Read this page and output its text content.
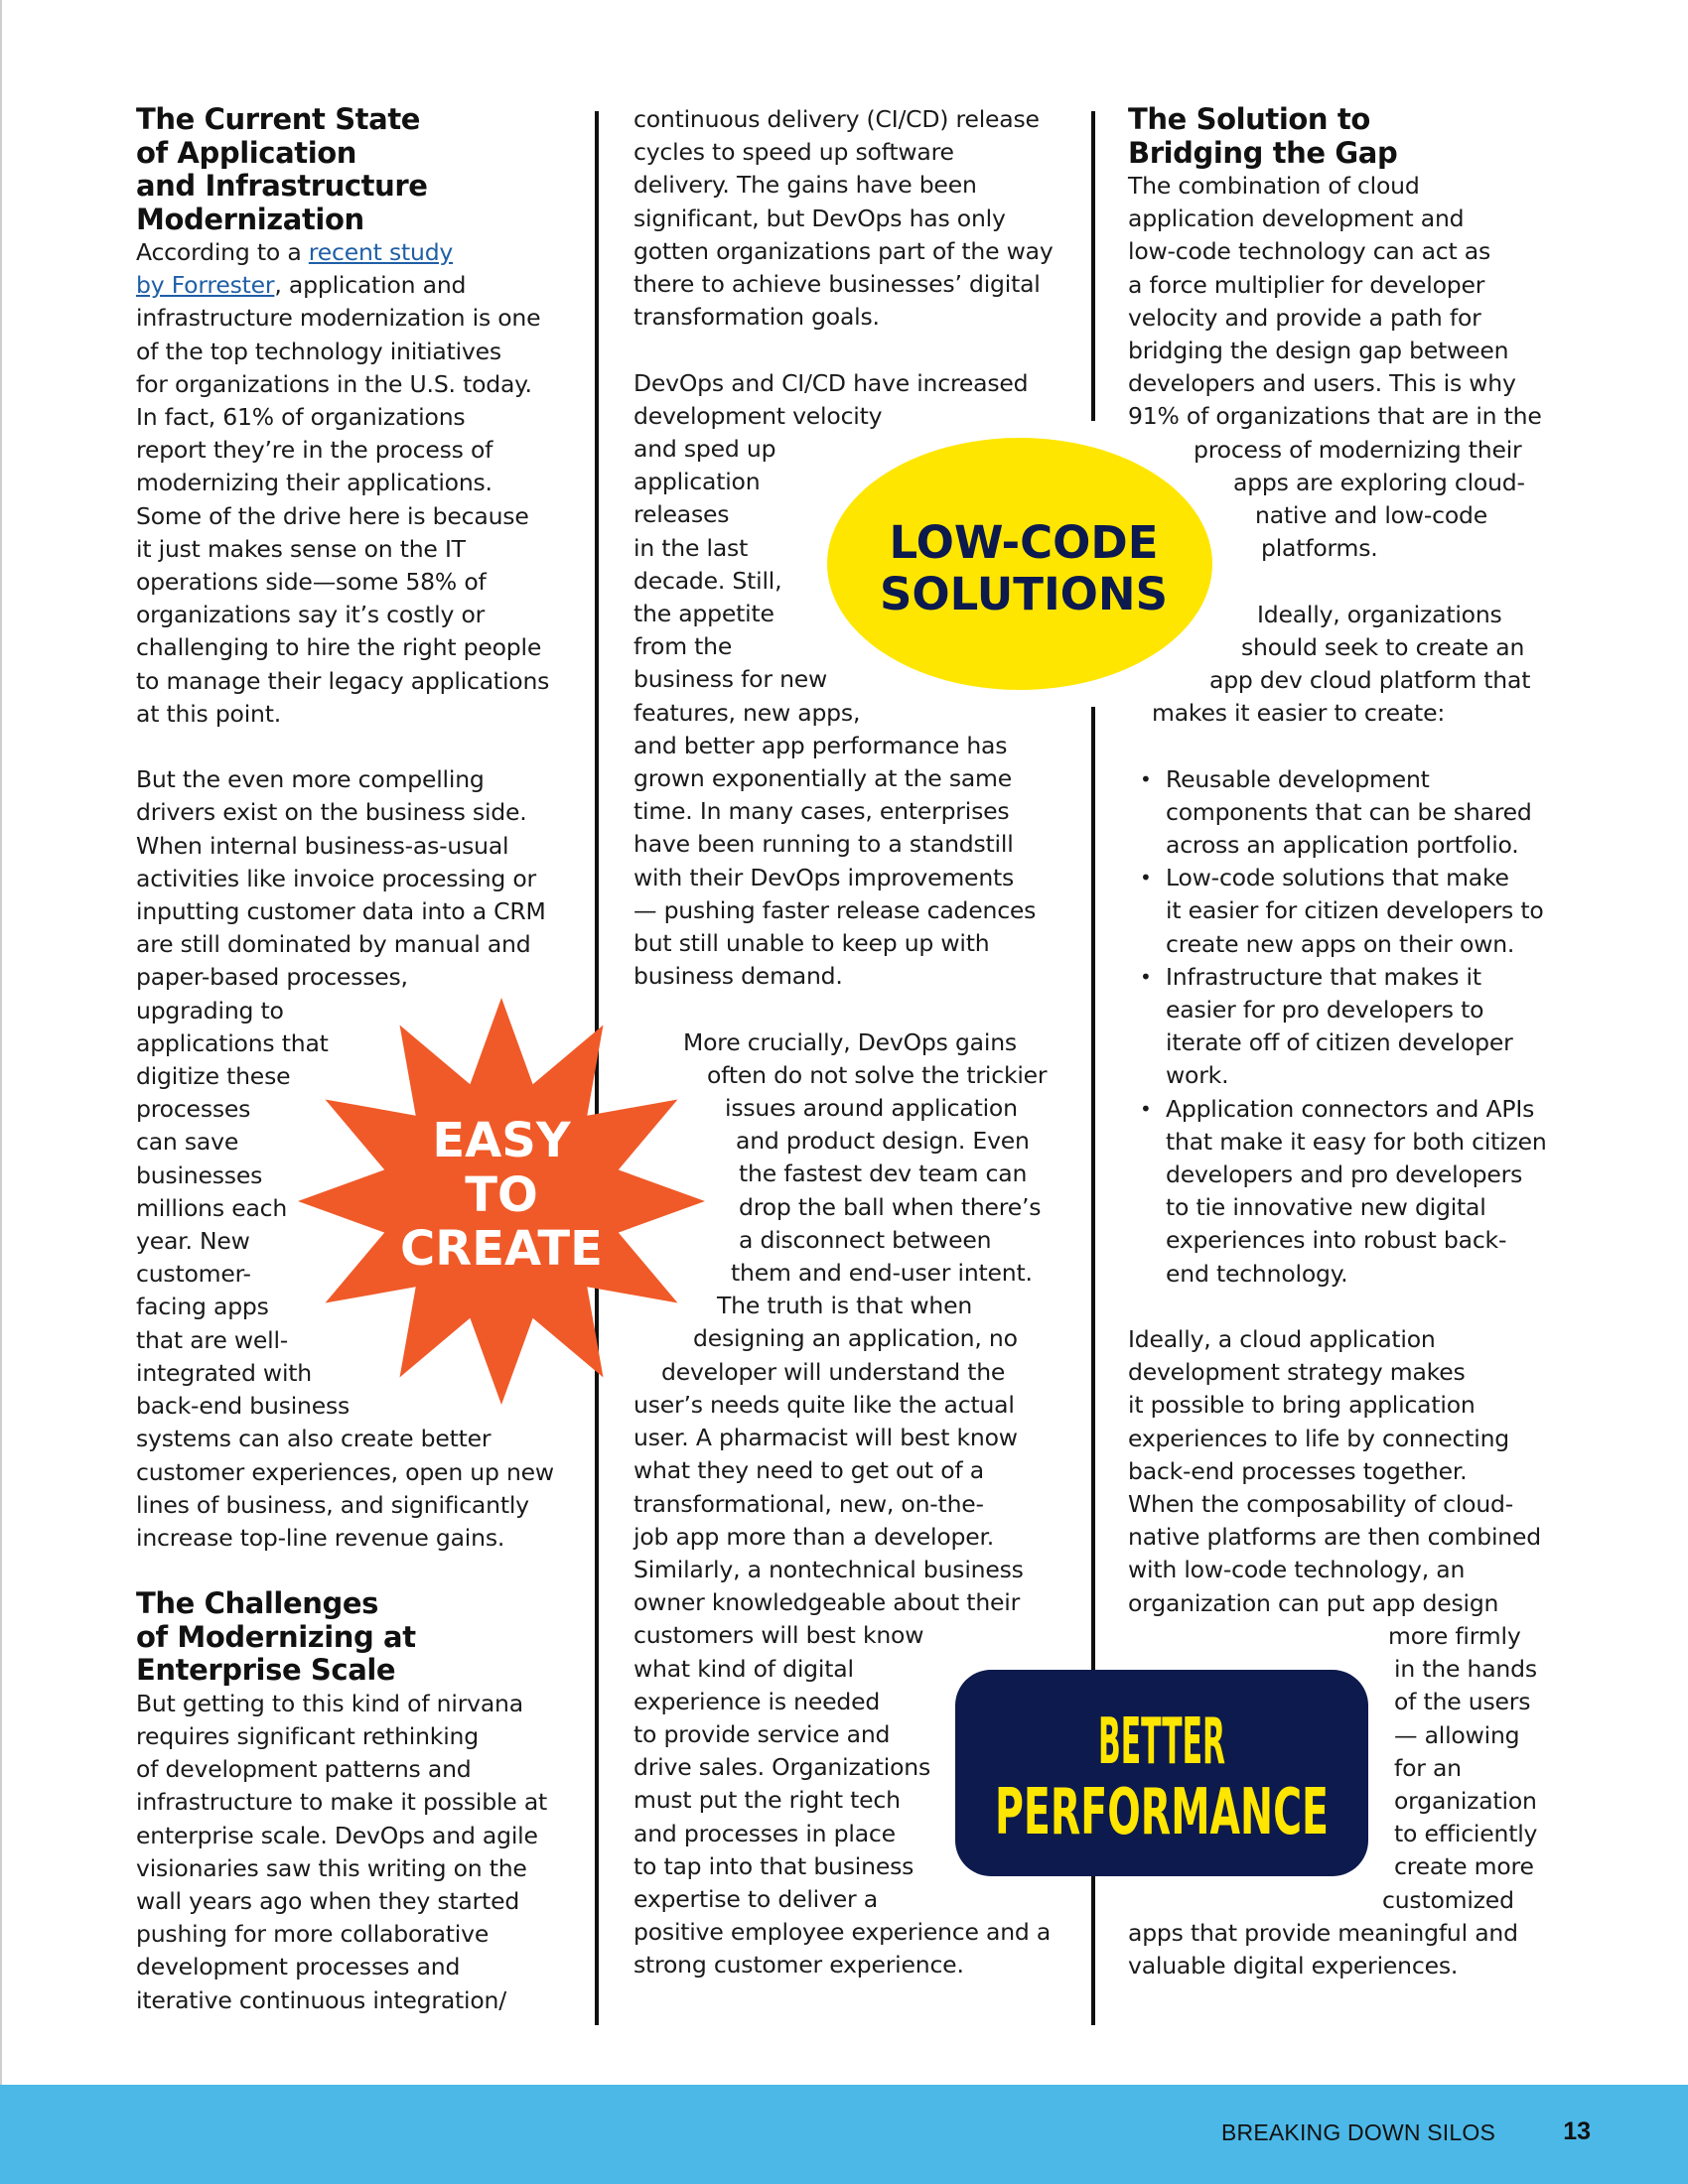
The Current State
of Application
and Infrastructure
Modernization
According to a recent study
by Forrester, application and
infrastructure modernization is one
of the top technology initiatives
for organizations in the U.S. today.
In fact, 61% of organizations
report they’re in the process of
modernizing their applications.
Some of the drive here is because
it just makes sense on the IT
operations side—some 58% of
organizations say it’s costly or
challenging to hire the right people
to manage their legacy applications
at this point.
But the even more compelling
drivers exist on the business side.
When internal business-as-usual
activities like invoice processing or
inputting customer data into a CRM
are still dominated by manual and
paper-based processes,
upgrading to
applications that
digitize these
processes
can save
businesses
millions each
year. New
customer-
facing apps
that are well-
integrated with
back-end business
systems can also create better
customer experiences, open up new
lines of business, and significantly
increase top-line revenue gains.
The Challenges
of Modernizing at
Enterprise Scale
But getting to this kind of nirvana
requires significant rethinking
of development patterns and
infrastructure to make it possible at
enterprise scale. DevOps and agile
visionaries saw this writing on the
wall years ago when they started
pushing for more collaborative
development processes and
iterative continuous integration/
continuous delivery (CI/CD) release
cycles to speed up software
delivery. The gains have been
significant, but DevOps has only
gotten organizations part of the way
there to achieve businesses’ digital
transformation goals.
DevOps and CI/CD have increased
development velocity
and sped up
application
releases
in the last
decade. Still,
the appetite
from the
business for new
features, new apps,
and better app performance has
grown exponentially at the same
time. In many cases, enterprises
have been running to a standstill
with their DevOps improvements
— pushing faster release cadences
but still unable to keep up with
business demand.
More crucially, DevOps gains
often do not solve the trickier
issues around application
and product design. Even
the fastest dev team can
drop the ball when there’s
a disconnect between
them and end-user intent.
The truth is that when
designing an application, no
developer will understand the
user’s needs quite like the actual
user. A pharmacist will best know
what they need to get out of a
transformational, new, on-the-
job app more than a developer.
Similarly, a nontechnical business
owner knowledgeable about their
customers will best know
what kind of digital
experience is needed
to provide service and
drive sales. Organizations
must put the right tech
and processes in place
to tap into that business
expertise to deliver a
positive employee experience and a
strong customer experience.
The Solution to
Bridging the Gap
The combination of cloud
application development and
low-code technology can act as
a force multiplier for developer
velocity and provide a path for
bridging the design gap between
developers and users. This is why
91% of organizations that are in the
process of modernizing their
apps are exploring cloud-
native and low-code
platforms.
Ideally, organizations
should seek to create an
app dev cloud platform that
makes it easier to create:
• Reusable development
components that can be shared
across an application portfolio.
• Low-code solutions that make
it easier for citizen developers to
create new apps on their own.
• Infrastructure that makes it
easier for pro developers to
iterate off of citizen developer
work.
• Application connectors and APIs
that make it easy for both citizen
developers and pro developers
to tie innovative new digital
experiences into robust back-
end technology.
Ideally, a cloud application
development strategy makes
it possible to bring application
experiences to life by connecting
back-end processes together.
When the composability of cloud-
native platforms are then combined
with low-code technology, an
organization can put app design
more firmly
in the hands
of the users
— allowing
for an
organization
to efficiently
create more
customized
apps that provide meaningful and
valuable digital experiences.
EASY
TO
CREATE
LOW-CODE
SOLUTIONS
BETTER
PERFORMANCE
BREAKING DOWN SILOS	13
